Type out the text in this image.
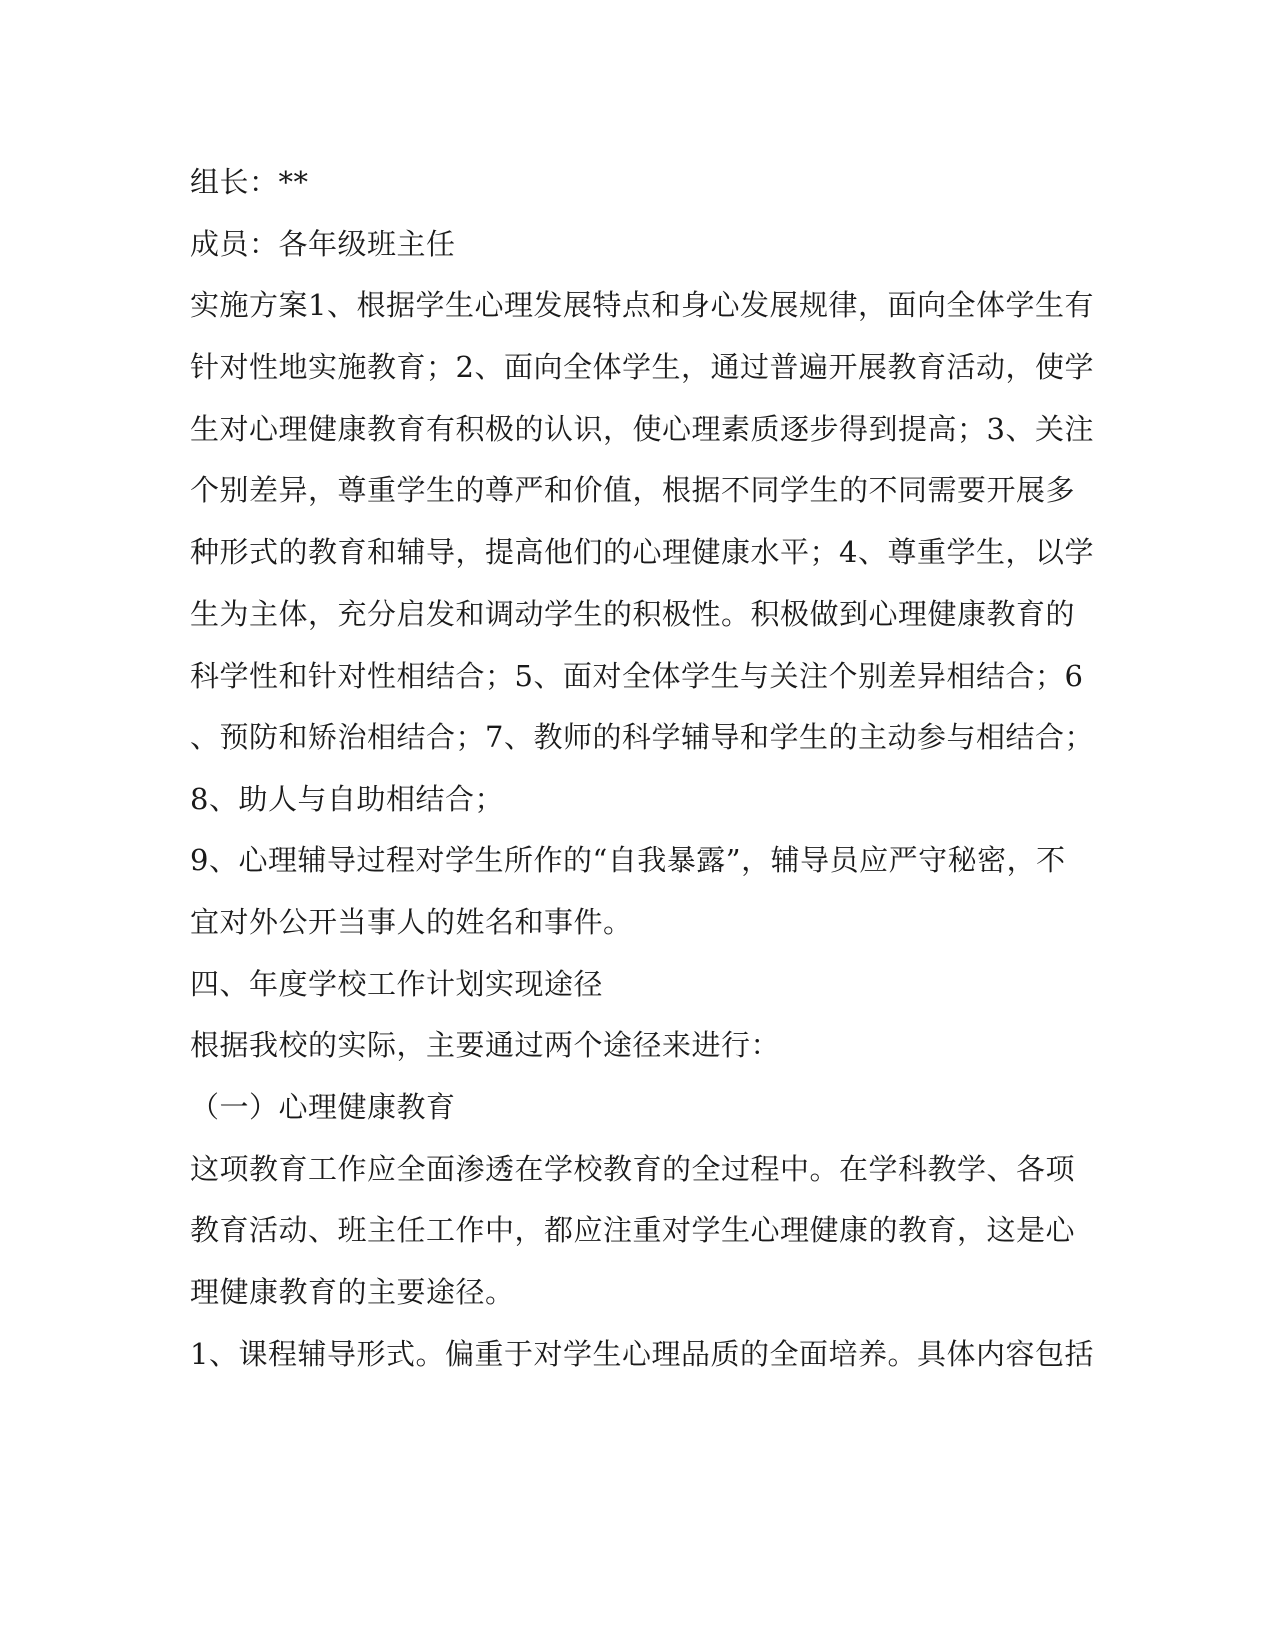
组长：**
成员：各年级班主任
实施方案1、根据学生心理发展特点和身心发展规律，面向全体学生有
针对性地实施教育；2、面向全体学生，通过普遍开展教育活动，使学
生对心理健康教育有积极的认识，使心理素质逐步得到提高；3、关注
个别差异，尊重学生的尊严和价值，根据不同学生的不同需要开展多
种形式的教育和辅导，提高他们的心理健康水平；4、尊重学生，以学
生为主体，充分启发和调动学生的积极性。积极做到心理健康教育的
科学性和针对性相结合；5、面对全体学生与关注个别差异相结合；6
、预防和矫治相结合；7、教师的科学辅导和学生的主动参与相结合；
8、助人与自助相结合；
9、心理辅导过程对学生所作的“自我暴露”，辅导员应严守秘密，不
宜对外公开当事人的姓名和事件。
四、年度学校工作计划实现途径
根据我校的实际，主要通过两个途径来进行：
（一）心理健康教育
这项教育工作应全面渗透在学校教育的全过程中。在学科教学、各项
教育活动、班主任工作中，都应注重对学生心理健康的教育，这是心
理健康教育的主要途径。
1、课程辅导形式。偏重于对学生心理品质的全面培养。具体内容包括
